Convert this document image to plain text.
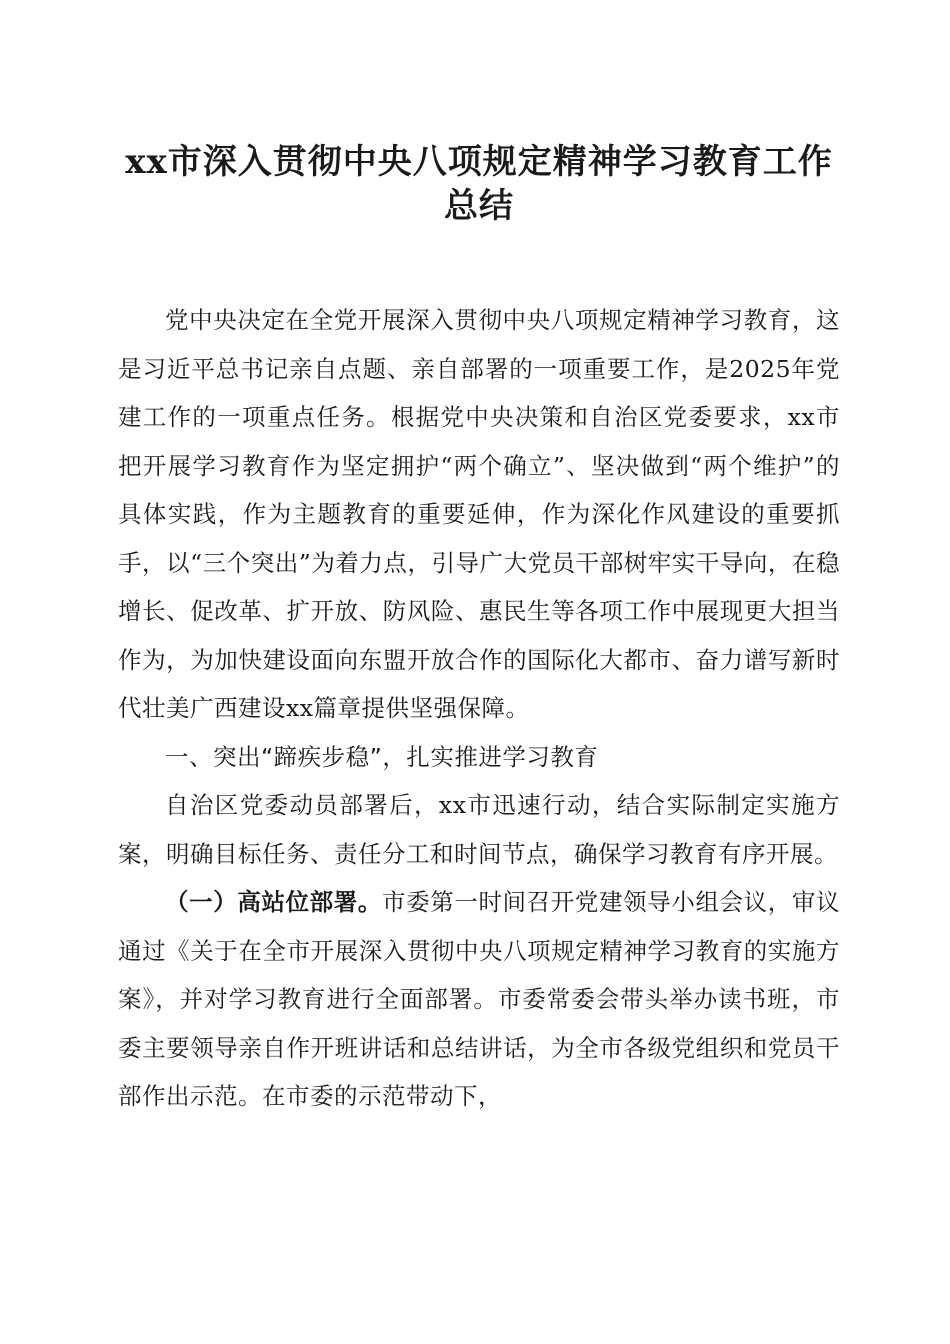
xx市深入贯彻中央八项规定精神学习教育工作总结

党中央决定在全党开展深入贯彻中央八项规定精神学习教育，这是习近平总书记亲自点题、亲自部署的一项重要工作，是2025年党建工作的一项重点任务。根据党中央决策和自治区党委要求，xx市把开展学习教育作为坚定拥护“两个确立”、坚决做到“两个维护”的具体实践，作为主题教育的重要延伸，作为深化作风建设的重要抓手，以“三个突出”为着力点，引导广大党员干部树牢实干导向，在稳增长、促改革、扩开放、防风险、惠民生等各项工作中展现更大担当作为，为加快建设面向东盟开放合作的国际化大都市、奋力谱写新时代壮美广西建设xx篇章提供坚强保障。

一、突出“蹄疾步稳”，扎实推进学习教育

自治区党委动员部署后，xx市迅速行动，结合实际制定实施方案，明确目标任务、责任分工和时间节点，确保学习教育有序开展。

（一）高站位部署。市委第一时间召开党建领导小组会议，审议通过《关于在全市开展深入贯彻中央八项规定精神学习教育的实施方案》，并对学习教育进行全面部署。市委常委会带头举办读书班，市委主要领导亲自作开班讲话和总结讲话，为全市各级党组织和党员干部作出示范。在市委的示范带动下，
